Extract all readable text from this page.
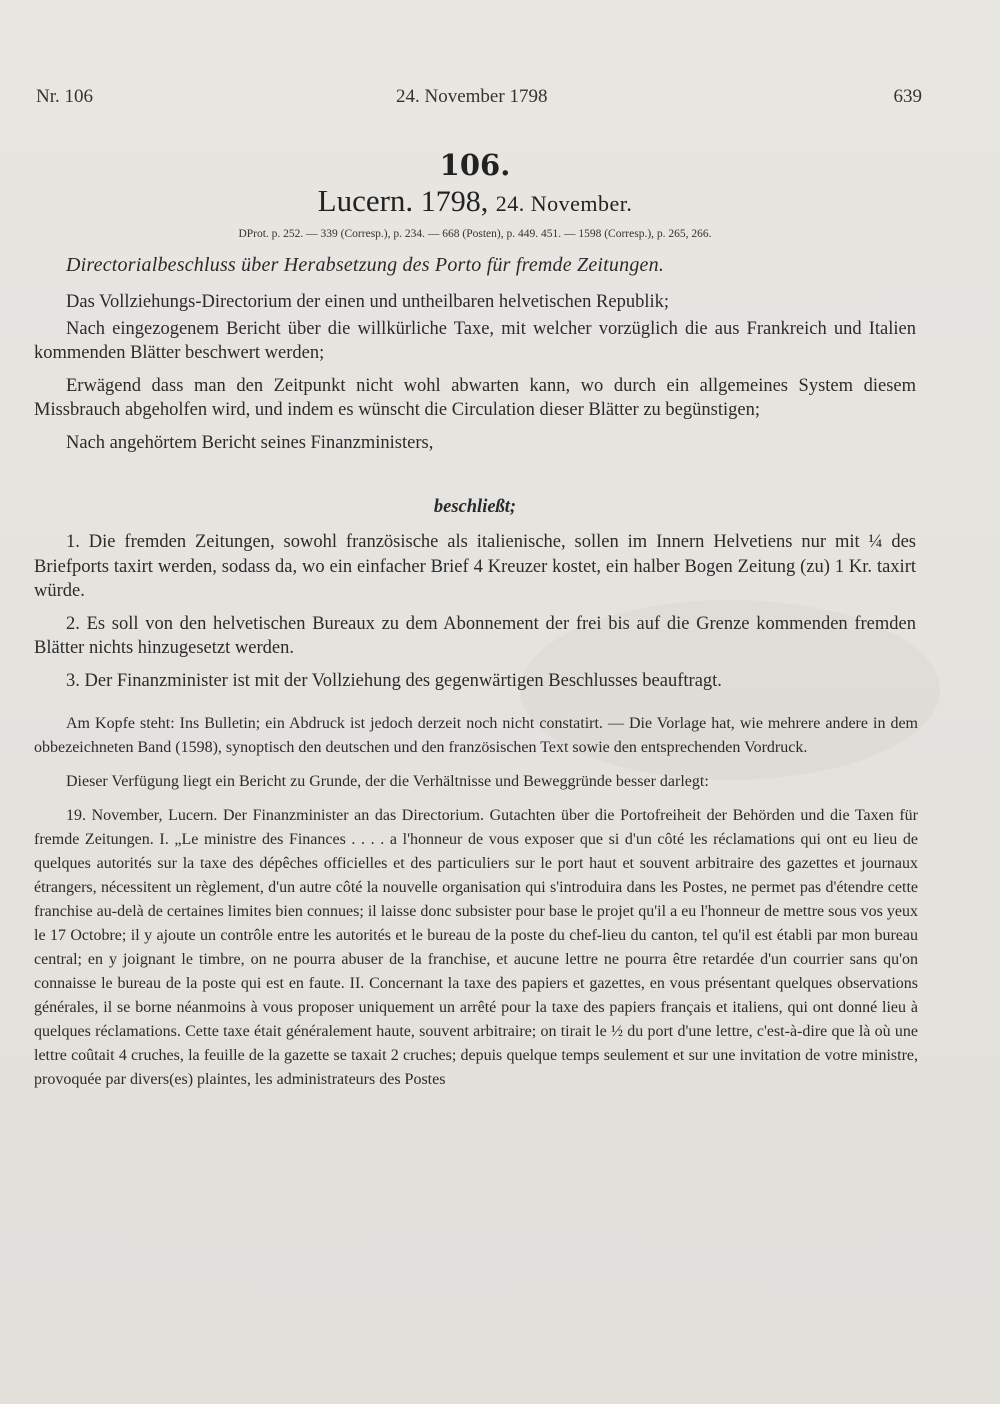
Nr. 106	24. November 1798	639
106.
Lucern. 1798, 24. November.
DProt. p. 252. — 339 (Corresp.), p. 234. — 668 (Posten), p. 449. 451. — 1598 (Corresp.), p. 265, 266.
Directorialbeschluss über Herabsetzung des Porto für fremde Zeitungen.

Das Vollziehungs-Directorium der einen und untheilbaren helvetischen Republik;

Nach eingezogenem Bericht über die willkürliche Taxe, mit welcher vorzüglich die aus Frankreich und Italien kommenden Blätter beschwert werden;

Erwägend dass man den Zeitpunkt nicht wohl abwarten kann, wo durch ein allgemeines System diesem Missbrauch abgeholfen wird, und indem es wünscht die Circulation dieser Blätter zu begünstigen;

Nach angehörtem Bericht seines Finanzministers,

beschließt;

1. Die fremden Zeitungen, sowohl französische als italienische, sollen im Innern Helvetiens nur mit ¼ des Briefports taxirt werden, sodass da, wo ein einfacher Brief 4 Kreuzer kostet, ein halber Bogen Zeitung (zu) 1 Kr. taxirt würde.

2. Es soll von den helvetischen Bureaux zu dem Abonnement der frei bis auf die Grenze kommenden fremden Blätter nichts hinzugesetzt werden.

3. Der Finanzminister ist mit der Vollziehung des gegenwärtigen Beschlusses beauftragt.

Am Kopfe steht: Ins Bulletin; ein Abdruck ist jedoch derzeit noch nicht constatirt. — Die Vorlage hat, wie mehrere andere in dem obbezeichneten Band (1598), synoptisch den deutschen und den französischen Text sowie den entsprechenden Vordruck.

Dieser Verfügung liegt ein Bericht zu Grunde, der die Verhältnisse und Beweggründe besser darlegt:

19. November, Lucern. Der Finanzminister an das Directorium. Gutachten über die Portofreiheit der Behörden und die Taxen für fremde Zeitungen. I. „Le ministre des Finances . . . . a l'honneur de vous exposer que si d'un côté les réclamations qui ont eu lieu de quelques autorités sur la taxe des dépêches officielles et des particuliers sur le port haut et souvent arbitraire des gazettes et journaux étrangers, nécessitent un règlement, d'un autre côté la nouvelle organisation qui s'introduira dans les Postes, ne permet pas d'étendre cette franchise au-delà de certaines limites bien connues; il laisse donc subsister pour base le projet qu'il a eu l'honneur de mettre sous vos yeux le 17 Octobre; il y ajoute un contrôle entre les autorités et le bureau de la poste du chef-lieu du canton, tel qu'il est établi par mon bureau central; en y joignant le timbre, on ne pourra abuser de la franchise, et aucune lettre ne pourra être retardée d'un courrier sans qu'on connaisse le bureau de la poste qui est en faute. II. Concernant la taxe des papiers et gazettes, en vous présentant quelques observations générales, il se borne néanmoins à vous proposer uniquement un arrêté pour la taxe des papiers français et italiens, qui ont donné lieu à quelques réclamations. Cette taxe était généralement haute, souvent arbitraire; on tirait le ½ du port d'une lettre, c'est-à-dire que là où une lettre coûtait 4 cruches, la feuille de la gazette se taxait 2 cruches; depuis quelque temps seulement et sur une invitation de votre ministre, provoquée par divers(es) plaintes, les administrateurs des Postes
